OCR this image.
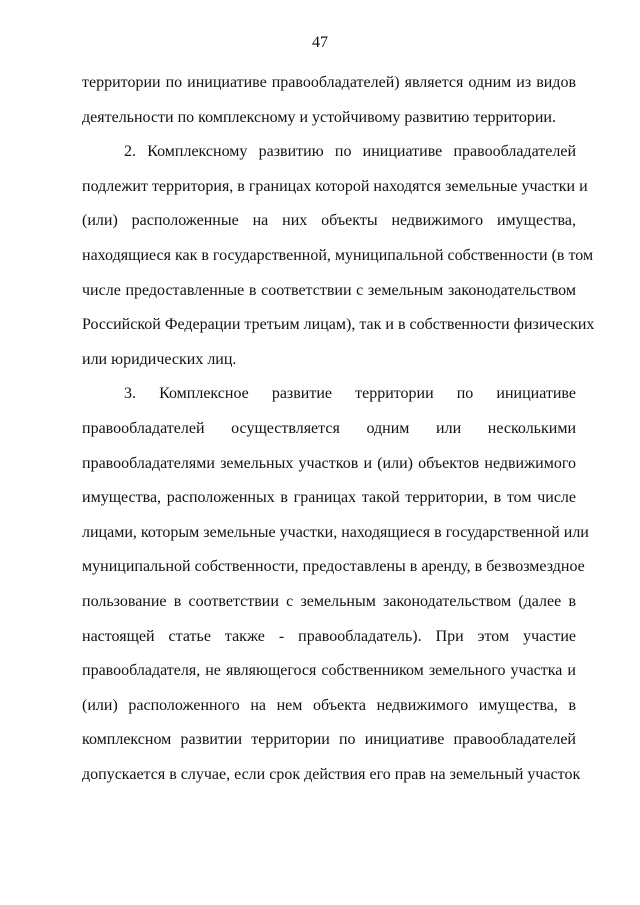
47
территории по инициативе правообладателей) является одним из видов
деятельности по комплексному и устойчивому развитию территории.
2. Комплексному развитию по инициативе правообладателей
подлежит территория, в границах которой находятся земельные участки и
(или) расположенные на них объекты недвижимого имущества,
находящиеся как в государственной, муниципальной собственности (в том
числе предоставленные в соответствии с земельным законодательством
Российской Федерации третьим лицам), так и в собственности физических
или юридических лиц.
3. Комплексное развитие территории по инициативе
правообладателей осуществляется одним или несколькими
правообладателями земельных участков и (или) объектов недвижимого
имущества, расположенных в границах такой территории, в том числе
лицами, которым земельные участки, находящиеся в государственной или
муниципальной собственности, предоставлены в аренду, в безвозмездное
пользование в соответствии с земельным законодательством (далее в
настоящей статье также - правообладатель). При этом участие
правообладателя, не являющегося собственником земельного участка и
(или) расположенного на нем объекта недвижимого имущества, в
комплексном развитии территории по инициативе правообладателей
допускается в случае, если срок действия его прав на земельный участок
